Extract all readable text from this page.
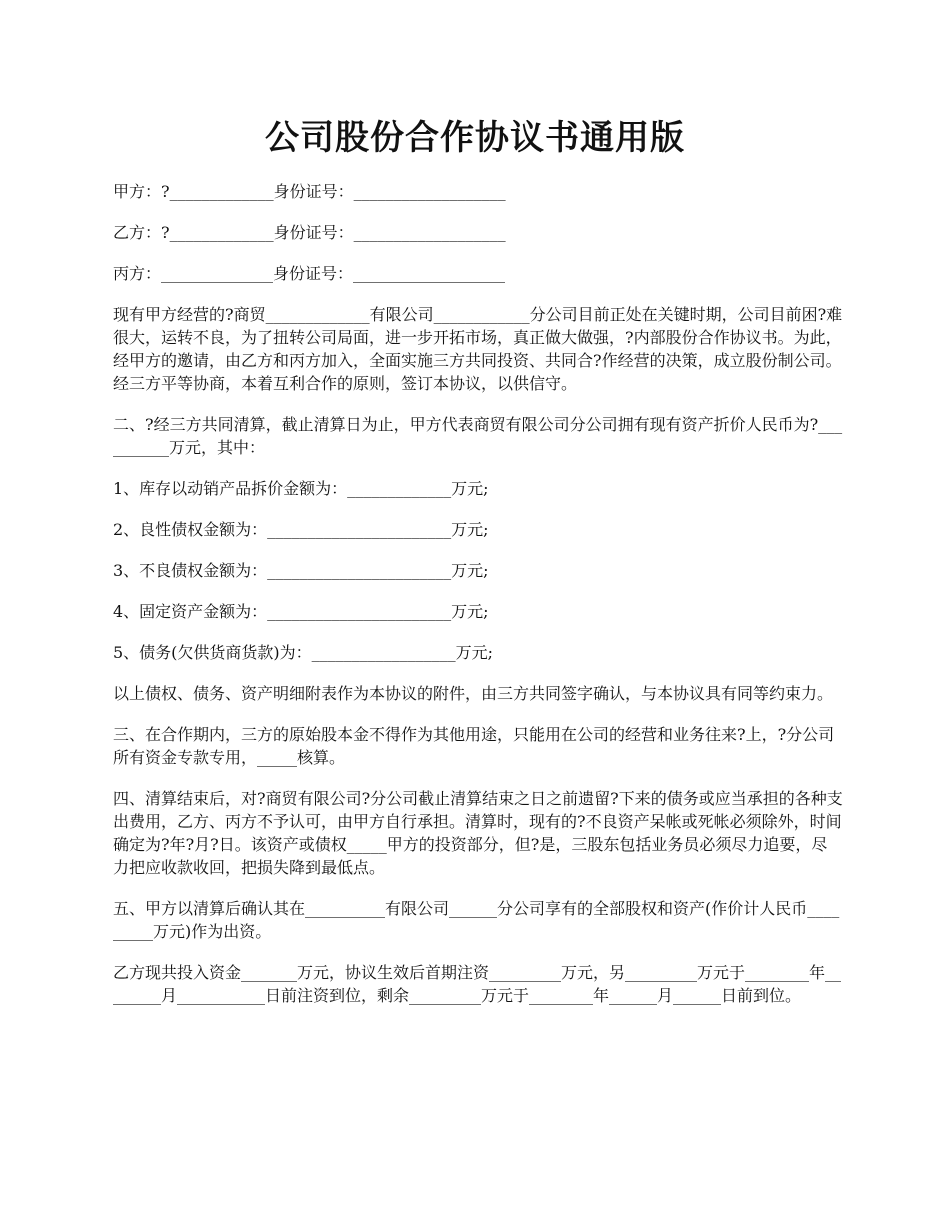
公司股份合作协议书通用版

甲方：?_____________身份证号：___________________

乙方：?_____________身份证号：___________________

丙方：______________身份证号：___________________

现有甲方经营的?商贸_____________有限公司____________分公司目前正处在关键时期，公司目前困?难很大，运转不良，为了扭转公司局面，进一步开拓市场，真正做大做强，?内部股份合作协议书。为此，经甲方的邀请，由乙方和丙方加入，全面实施三方共同投资、共同合?作经营的决策，成立股份制公司。经三方平等协商，本着互利合作的原则，签订本协议，以供信守。

二、?经三方共同清算，截止清算日为止，甲方代表商贸有限公司分公司拥有现有资产折价人民币为?__________万元，其中：

1、库存以动销产品拆价金额为：_____________万元;

2、良性债权金额为：_______________________万元;

3、不良债权金额为：_______________________万元;

4、固定资产金额为：_______________________万元;

5、债务(欠供货商货款)为：__________________万元;

以上债权、债务、资产明细附表作为本协议的附件，由三方共同签字确认，与本协议具有同等约束力。

三、在合作期内，三方的原始股本金不得作为其他用途，只能用在公司的经营和业务往来?上，?分公司所有资金专款专用，_____核算。

四、清算结束后，对?商贸有限公司?分公司截止清算结束之日之前遗留?下来的债务或应当承担的各种支出费用，乙方、丙方不予认可，由甲方自行承担。清算时，现有的?不良资产呆帐或死帐必须除外，时间确定为?年?月?日。该资产或债权_____甲方的投资部分，但?是，三股东包括业务员必须尽力追要，尽力把应收款收回，把损失降到最低点。

五、甲方以清算后确认其在__________有限公司______分公司享有的全部股权和资产(作价计人民币_________万元)作为出资。

乙方现共投入资金_______万元，协议生效后首期注资_________万元，另_________万元于________年________月___________日前注资到位，剩余_________万元于________年______月______日前到位。
